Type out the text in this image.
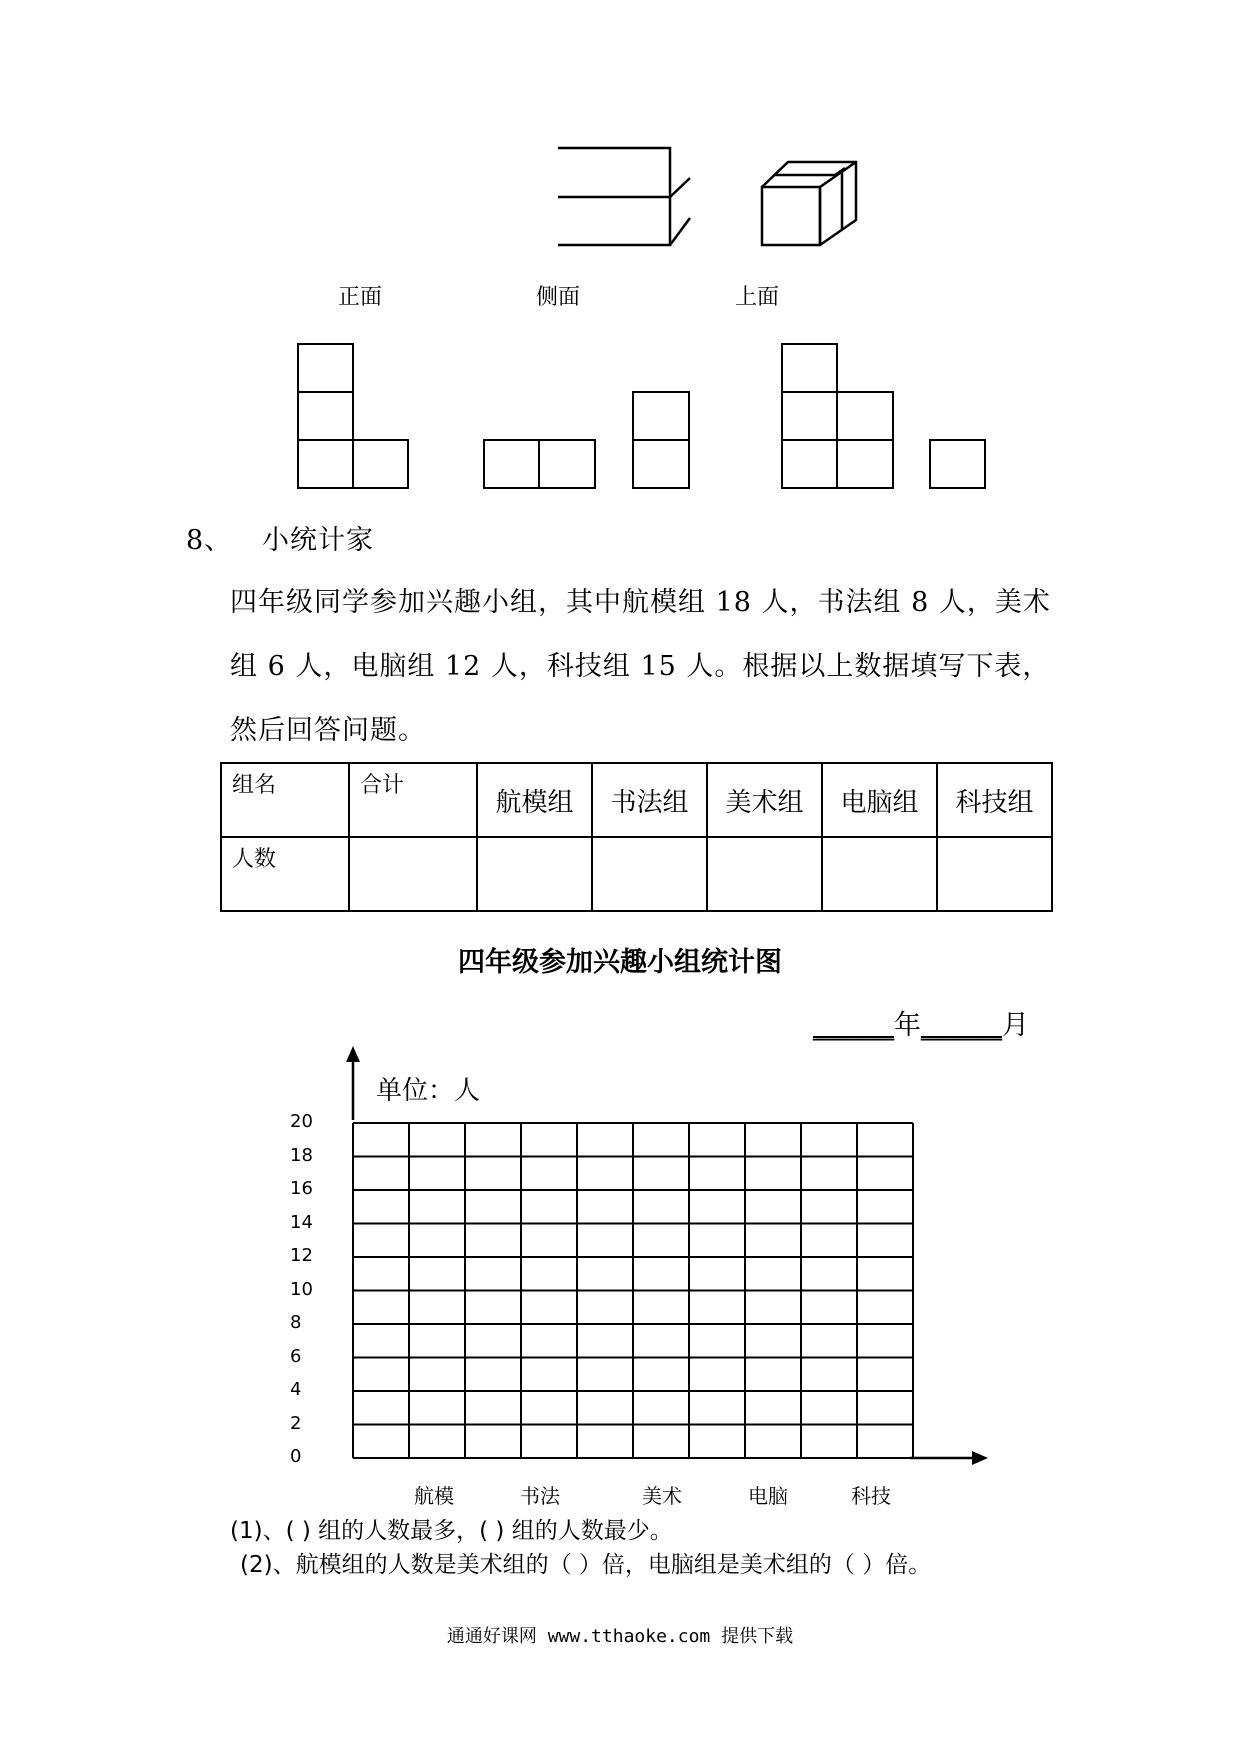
正面	侧面	上面
8、 小统计家
四年级同学参加兴趣小组，其中航模组 18 人，书法组 8 人，美术
组 6 人，电脑组 12 人，科技组 15 人。根据以上数据填写下表，
然后回答问题。
组名	合计	航模组	书法组	美术组	电脑组	科技组
人数						
四年级参加兴趣小组统计图
______年______月
单位：人
20
18
16
14
12
10
8
6
4
2
0
航模	书法	美术	电脑	科技
(1)、( ) 组的人数最多，( ) 组的人数最少。
(2)、航模组的人数是美术组的（ ）倍，电脑组是美术组的（ ）倍。
通通好课网 www.tthaoke.com 提供下载
